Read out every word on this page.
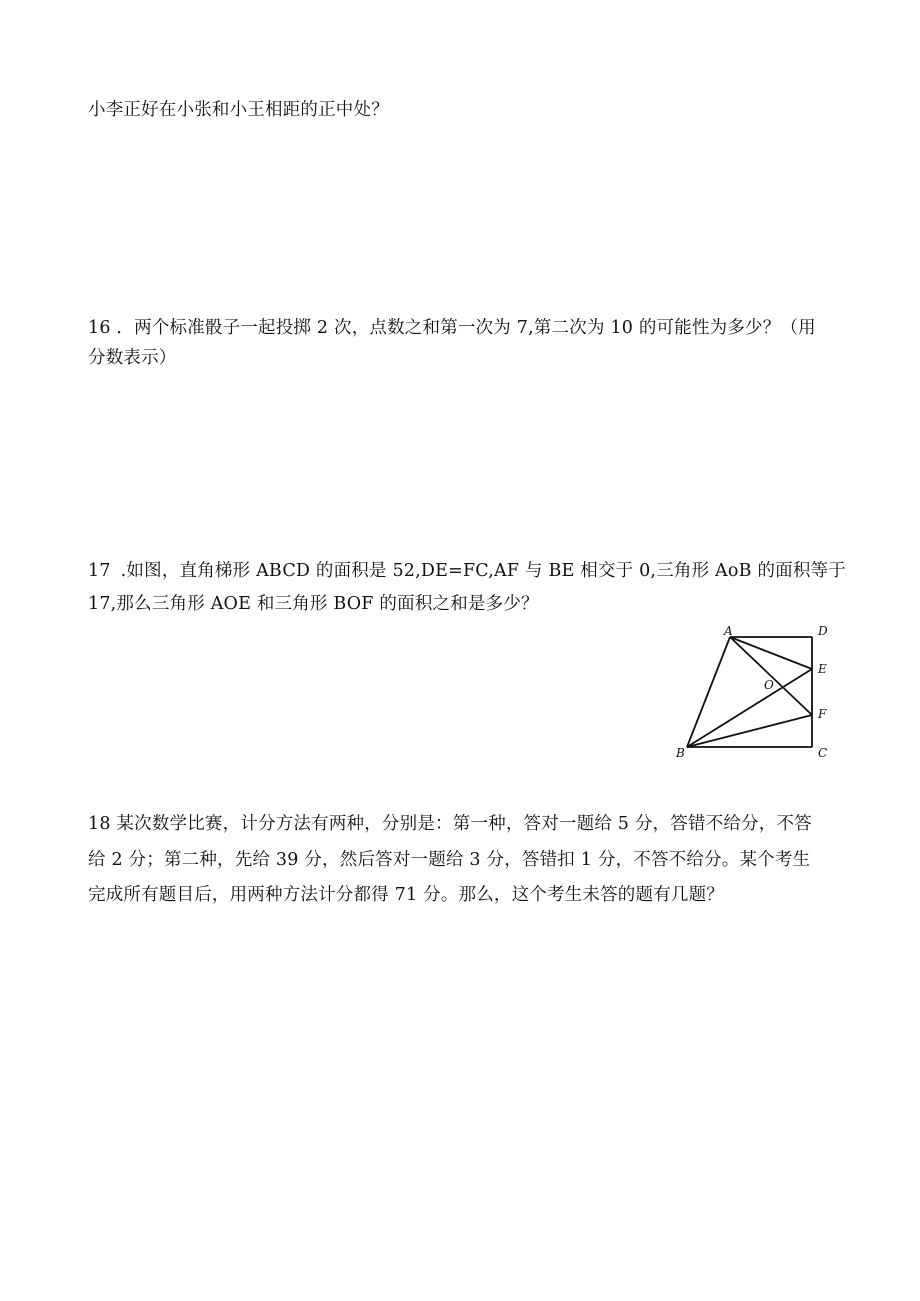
小李正好在小张和小王相距的正中处？
16 ．两个标准骰子一起投掷 2 次，点数之和第一次为 7,第二次为 10 的可能性为多少？（用
分数表示）
17 .如图，直角梯形 ABCD 的面积是 52,DE=FC,AF 与 BE 相交于 0,三角形 AoB 的面积等于
17,那么三角形 AOE 和三角形 BOF 的面积之和是多少？
A	D
E
O
F
B	C
18 某次数学比赛，计分方法有两种，分别是：第一种，答对一题给 5 分，答错不给分，不答
给 2 分；第二种，先给 39 分，然后答对一题给 3 分，答错扣 1 分，不答不给分。某个考生
完成所有题目后，用两种方法计分都得 71 分。那么，这个考生未答的题有几题？
